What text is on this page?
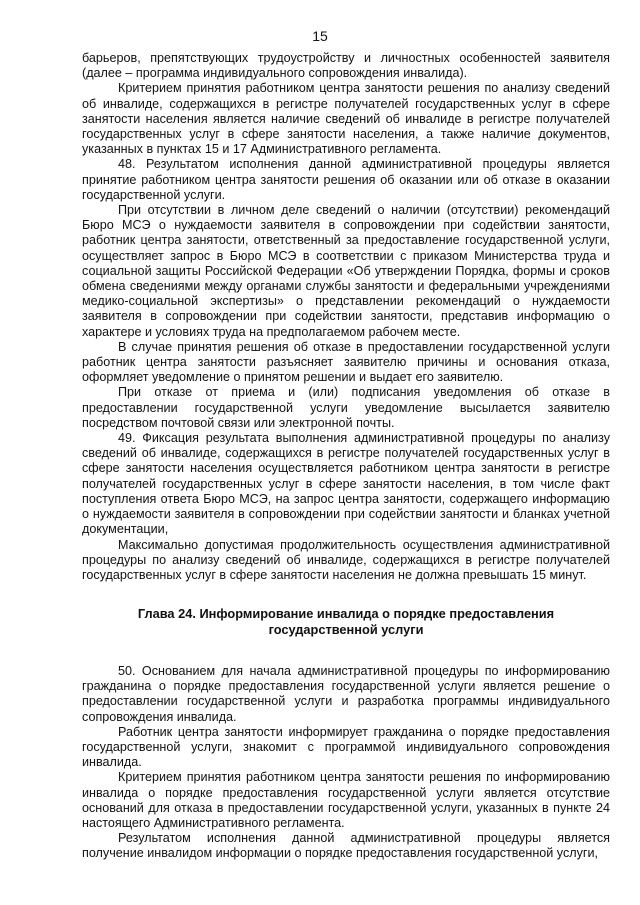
15

барьеров, препятствующих трудоустройству и личностных особенностей заявителя (далее – программа индивидуального сопровождения инвалида).

Критерием принятия работником центра занятости решения по анализу сведений об инвалиде, содержащихся в регистре получателей государственных услуг в сфере занятости населения является наличие сведений об инвалиде в регистре получателей государственных услуг в сфере занятости населения, а также наличие документов, указанных в пунктах 15 и 17 Административного регламента.

48. Результатом исполнения данной административной процедуры является принятие работником центра занятости решения об оказании или об отказе в оказании государственной услуги.

При отсутствии в личном деле сведений о наличии (отсутствии) рекомендаций Бюро МСЭ о нуждаемости заявителя в сопровождении при содействии занятости, работник центра занятости, ответственный за предоставление государственной услуги, осуществляет запрос в Бюро МСЭ в соответствии с приказом Министерства труда и социальной защиты Российской Федерации «Об утверждении Порядка, формы и сроков обмена сведениями между органами службы занятости и федеральными учреждениями медико-социальной экспертизы» о представлении рекомендаций о нуждаемости заявителя в сопровождении при содействии занятости, представив информацию о характере и условиях труда на предполагаемом рабочем месте.

В случае принятия решения об отказе в предоставлении государственной услуги работник центра занятости разъясняет заявителю причины и основания отказа, оформляет уведомление о принятом решении и выдает его заявителю.

При отказе от приема и (или) подписания уведомления об отказе в предоставлении государственной услуги уведомление высылается заявителю посредством почтовой связи или электронной почты.

49. Фиксация результата выполнения административной процедуры по анализу сведений об инвалиде, содержащихся в регистре получателей государственных услуг в сфере занятости населения осуществляется работником центра занятости в регистре получателей государственных услуг в сфере занятости населения, в том числе факт поступления ответа Бюро МСЭ, на запрос центра занятости, содержащего информацию о нуждаемости заявителя в сопровождении при содействии занятости и бланках учетной документации,

Максимально допустимая продолжительность осуществления административной процедуры по анализу сведений об инвалиде, содержащихся в регистре получателей государственных услуг в сфере занятости населения не должна превышать 15 минут.

Глава 24. Информирование инвалида о порядке предоставления
государственной услуги

50. Основанием для начала административной процедуры по информированию гражданина о порядке предоставления государственной услуги является решение о предоставлении государственной услуги и разработка программы индивидуального сопровождения инвалида.

Работник центра занятости информирует гражданина о порядке предоставления государственной услуги, знакомит с программой индивидуального сопровождения инвалида.

Критерием принятия работником центра занятости решения по информированию инвалида о порядке предоставления государственной услуги является отсутствие оснований для отказа в предоставлении государственной услуги, указанных в пункте 24 настоящего Административного регламента.

Результатом исполнения данной административной процедуры является получение инвалидом информации о порядке предоставления государственной услуги,
